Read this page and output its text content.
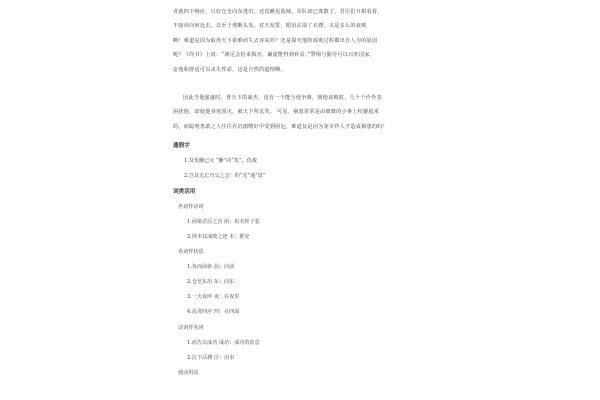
者就四下响应，只好仓皇向东逃出，还没瞧见敌城，军队却已离散了，君臣们互相看着，
不知该向何处去，以至于剪断头发，对天发誓，眼泪沾湿了衣襟，又是多么的衰败
啊！难道是因为取得天下艰难而失去容易吗？还是探究他的成败过程都出自人为的原因
呢？《尚书》上说：“满足会招来损害，谦虚能得到补益。”警惕与勤劳可以兴旺国家，
安逸和舒适可以丧失性命，这是自然的道理啊。
因此当他强盛时，普天下的豪杰，没有一个能与他争雄，到他衰败时，几十个伶伶表
困扰他，却使他身死国灭，被天下所讥笑。 可见，祸患常常是由细微的小事上积聚起来
的，而聪明勇敢之人往往在沉溺嗜好中受到困厄，难道仅是因为宠幸伶人才造成祸患的吗！
通假字
1.及仇雠已灭 “雠”同“仇”，仇敌
2.岂其无忘乃父之志！的“无”通“毋”
词类活用
名词作动词
1.函梁君臣之首 函：用木匣子装
2.抑本其成败之迹 本：推究
名词作状语
1.负而前驱 前：向前
2.仓皇东出 东：向东
3.一夫夜呼 夜：在夜里
4.乱者四应 四：在四面
动词作名词
1.而告以成功 成功：成功的消息
2.泣下沾襟 泣：泪水
使动用法
